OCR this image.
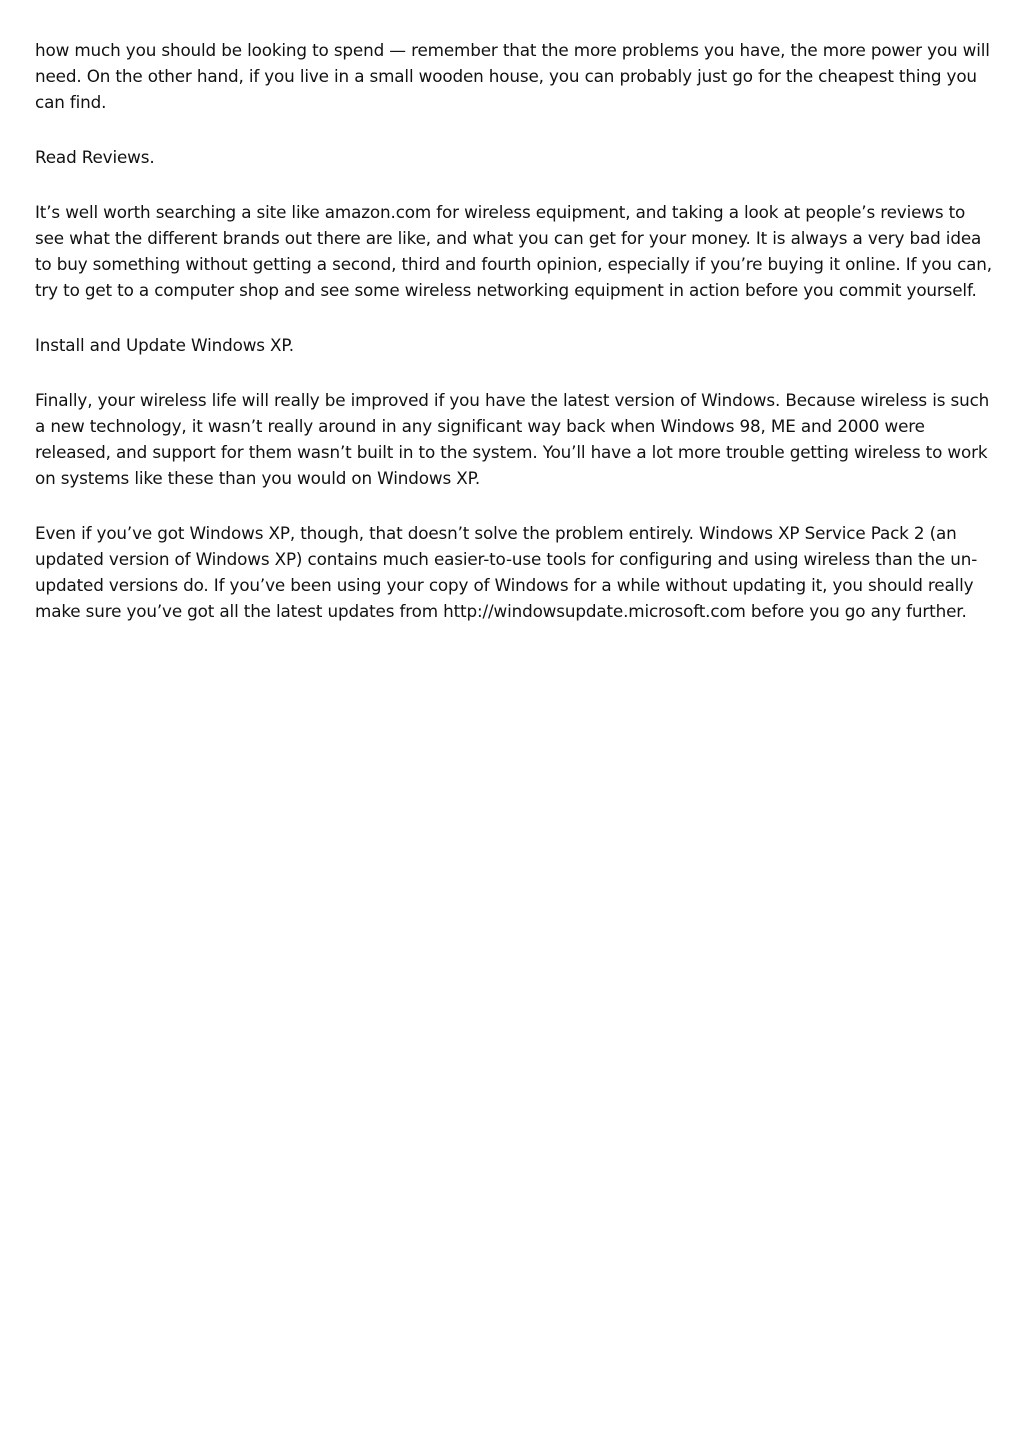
how much you should be looking to spend — remember that the more problems you have, the more power you will need. On the other hand, if you live in a small wooden house, you can probably just go for the cheapest thing you can find.

Read Reviews.

It’s well worth searching a site like amazon.com for wireless equipment, and taking a look at people’s reviews to see what the different brands out there are like, and what you can get for your money. It is always a very bad idea to buy something without getting a second, third and fourth opinion, especially if you’re buying it online. If you can, try to get to a computer shop and see some wireless networking equipment in action before you commit yourself.

Install and Update Windows XP.

Finally, your wireless life will really be improved if you have the latest version of Windows. Because wireless is such a new technology, it wasn’t really around in any significant way back when Windows 98, ME and 2000 were released, and support for them wasn’t built in to the system. You’ll have a lot more trouble getting wireless to work on systems like these than you would on Windows XP.

Even if you’ve got Windows XP, though, that doesn’t solve the problem entirely. Windows XP Service Pack 2 (an updated version of Windows XP) contains much easier-to-use tools for configuring and using wireless than the un-updated versions do. If you’ve been using your copy of Windows for a while without updating it, you should really make sure you’ve got all the latest updates from http://windowsupdate.microsoft.com before you go any further.
